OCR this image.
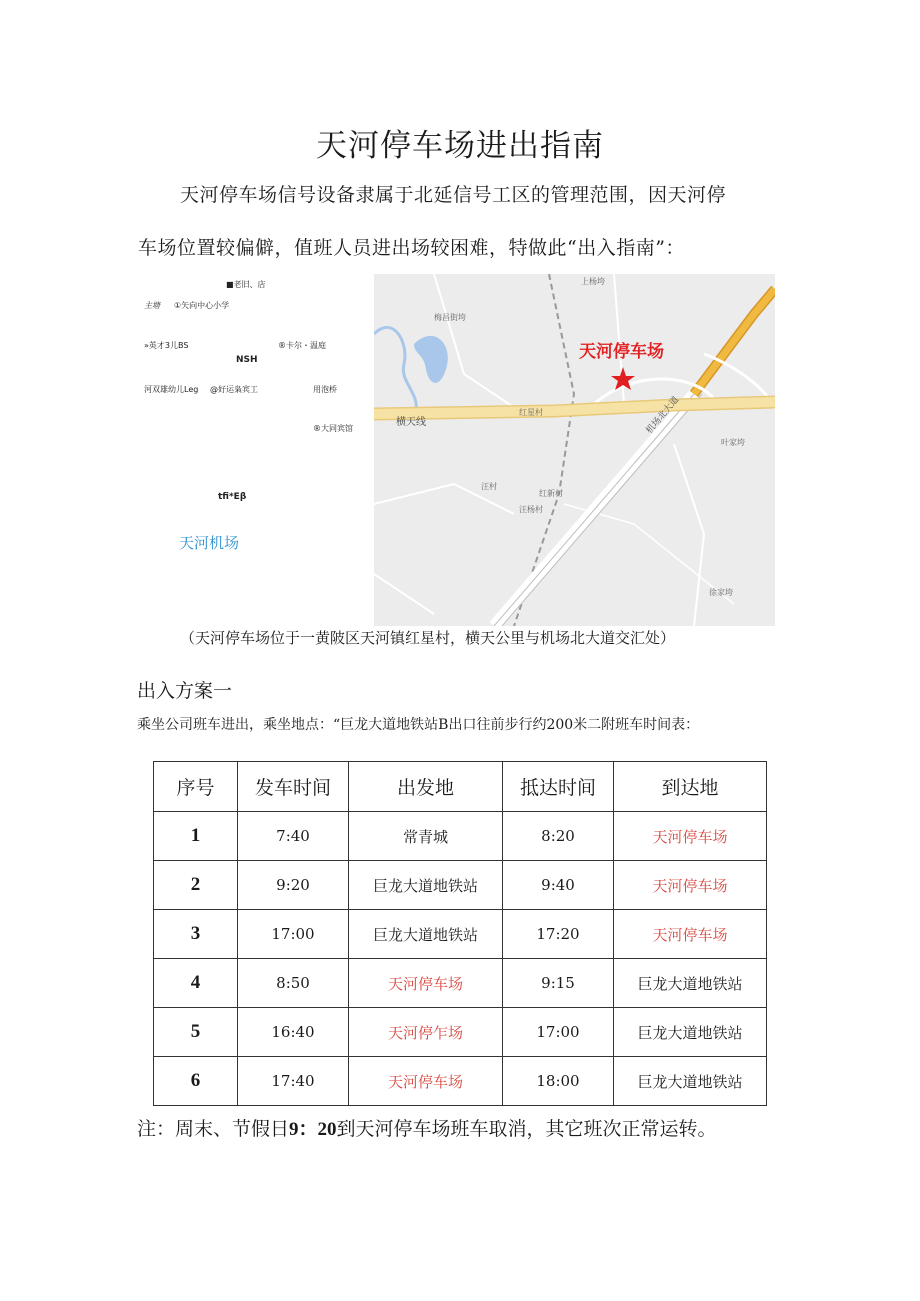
天河停车场进出指南
天河停车场信号设备隶属于北延信号工区的管理范围，因天河停
车场位置较偏僻，值班人员进出场较困难，特做此“出入指南”：
■老旧、店
主塘 ①矢向中心小学
»英才3儿BS	®卡尔・温庭
NSH
河双雄幼儿Leg @好运枭宾工	用泡桥
®大同宾馆
tfi*Eβ
天河机场
天河停车场
横天线	机场北大道
上杨垮
梅昌街垮
红星村
叶家垮
汪村
红新村
汪杨村
徐家垮
（天河停车场位于一黄陂区天河镇红星村，横天公里与机场北大道交汇处）
出入方案一
乘坐公司班车进出，乘坐地点：“巨龙大道地铁站B出口往前步行约200米二附班车时间表：
序号	发车时间	出发地	抵达时间	到达地
1	7:40	常青城	8:20	天河停车场
2	9:20	巨龙大道地铁站	9:40	天河停车场
3	17:00	巨龙大道地铁站	17:20	天河停车场
4	8:50	天河停车场	9:15	巨龙大道地铁站
5	16:40	天河停乍场	17:00	巨龙大道地铁站
6	17:40	天河停车场	18:00	巨龙大道地铁站
注：周末、节假日9：20到天河停车场班车取消，其它班次正常运转。
